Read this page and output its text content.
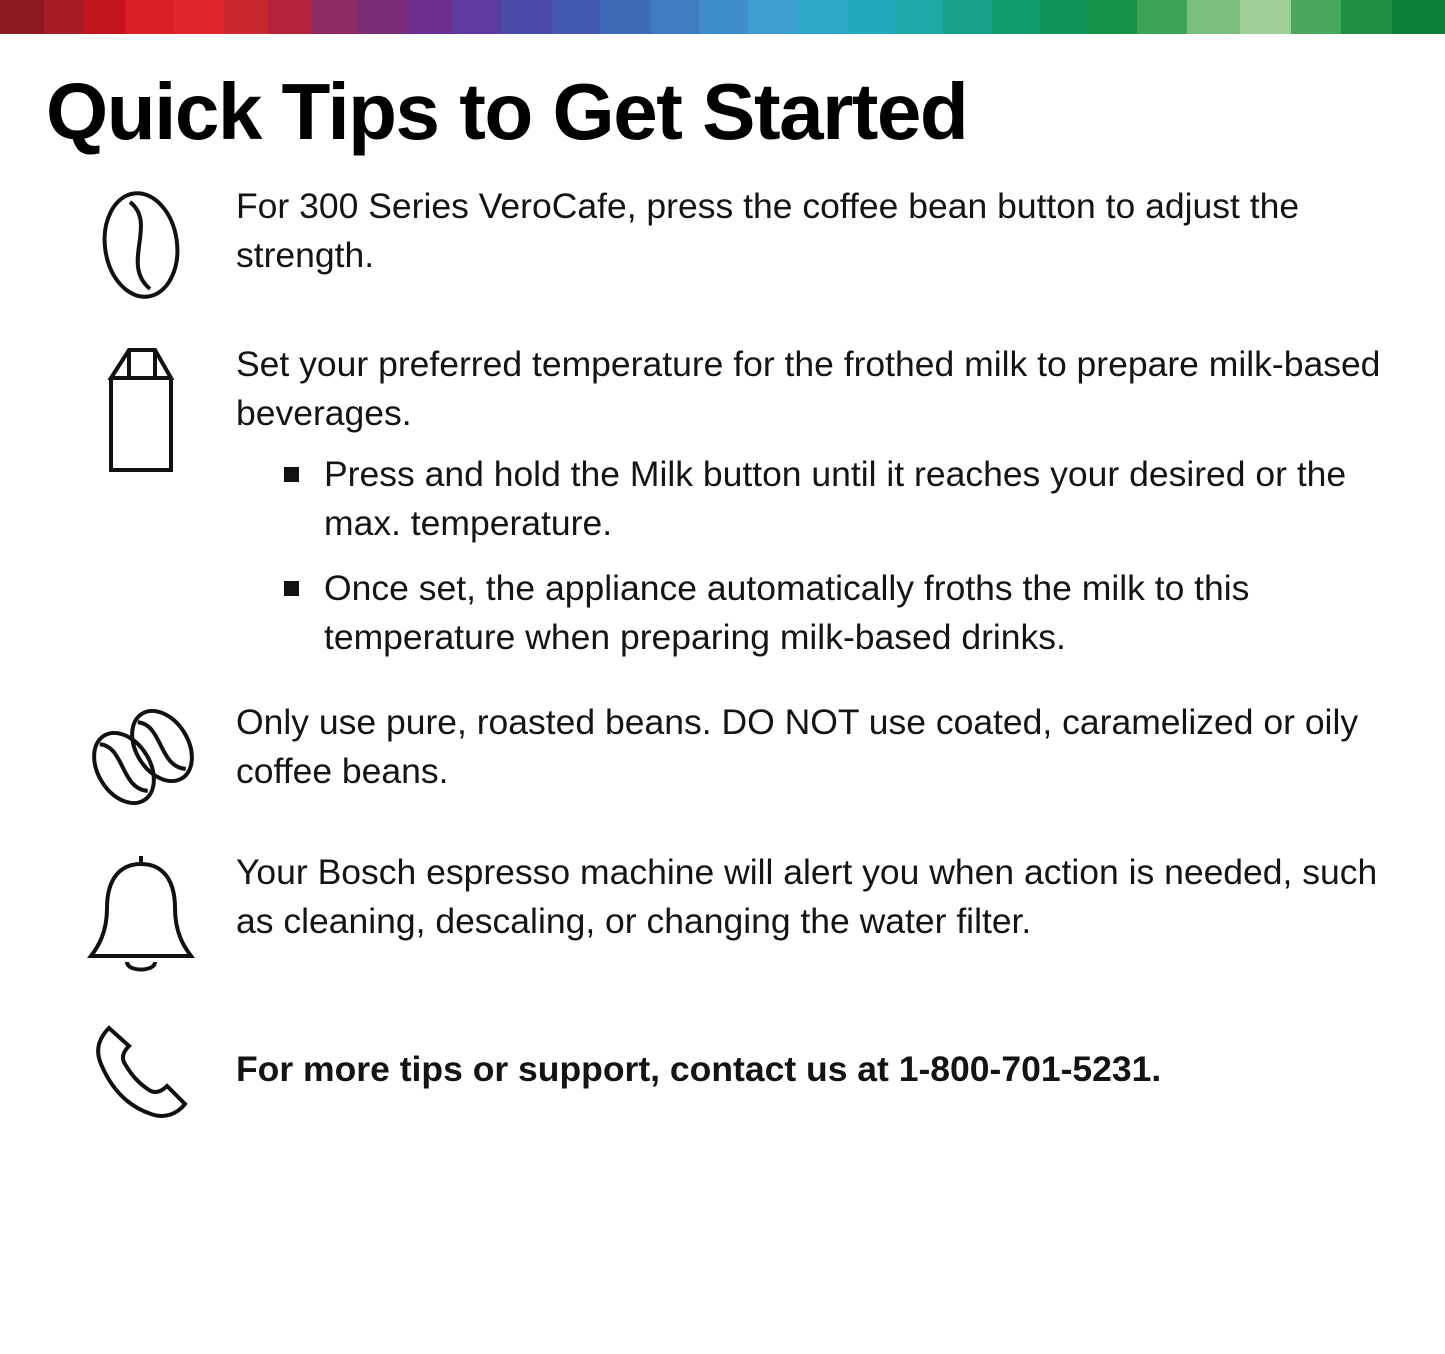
Quick Tips to Get Started

For 300 Series VeroCafe, press the coffee bean button to adjust the strength.

Set your preferred temperature for the frothed milk to prepare milk-based beverages.

Press and hold the Milk button until it reaches your desired or the max. temperature.
Once set, the appliance automatically froths the milk to this temperature when preparing milk-based drinks.

Only use pure, roasted beans. DO NOT use coated, caramelized or oily coffee beans.

Your Bosch espresso machine will alert you when action is needed, such as cleaning, descaling, or changing the water filter.

For more tips or support, contact us at 1-800-701-5231.
